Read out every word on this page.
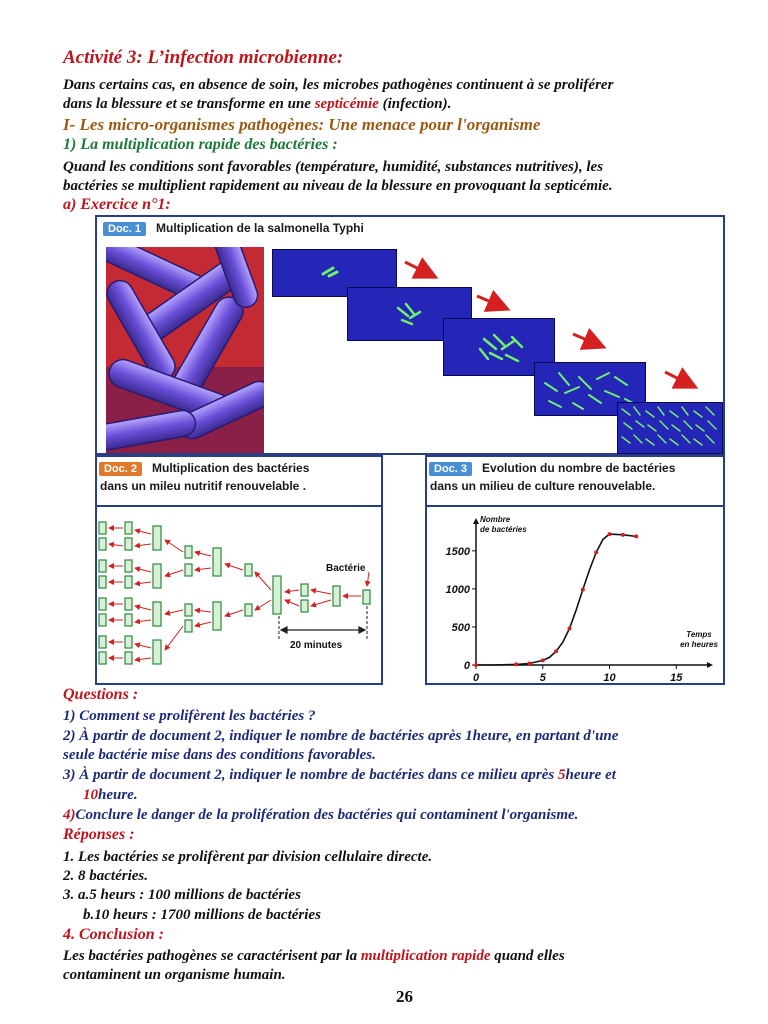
Activité 3: L’infection microbienne:
Dans certains cas, en absence de soin, les microbes pathogènes continuent à se proliférer
dans la blessure et se transforme en une septicémie (infection).
I- Les micro-organismes pathogènes: Une menace pour l'organisme
1) La multiplication rapide des bactéries :
Quand les conditions sont favorables (température, humidité, substances nutritives), les
bactéries se multiplient rapidement au niveau de la blessure en provoquant la septicémie.
a) Exercice n°1:
Doc. 1 Multiplication de la salmonella Typhi
Doc. 2 Multiplication des bactéries
dans un mileu nutritif renouvelable .
Bactérie
20 minutes
Doc. 3 Evolution du nombre de bactéries
dans un milieu de culture renouvelable.
0
500
1000
1500
0	5	10	15
Nombre
de bactéries
Temps
en heures
Questions :
1) Comment se prolifèrent les bactéries ?
2) À partir de document 2, indiquer le nombre de bactéries après 1heure, en partant d'une
seule bactérie mise dans des conditions favorables.
3) À partir de document 2, indiquer le nombre de bactéries dans ce milieu après 5heure et
10heure.
4)Conclure le danger de la prolifération des bactéries qui contaminent l'organisme.
Réponses :
1. Les bactéries se prolifèrent par division cellulaire directe.
2. 8 bactéries.
3. a.5 heurs : 100 millions de bactéries
b.10 heurs : 1700 millions de bactéries
4. Conclusion :
Les bactéries pathogènes se caractérisent par la multiplication rapide quand elles
contaminent un organisme humain.
26
